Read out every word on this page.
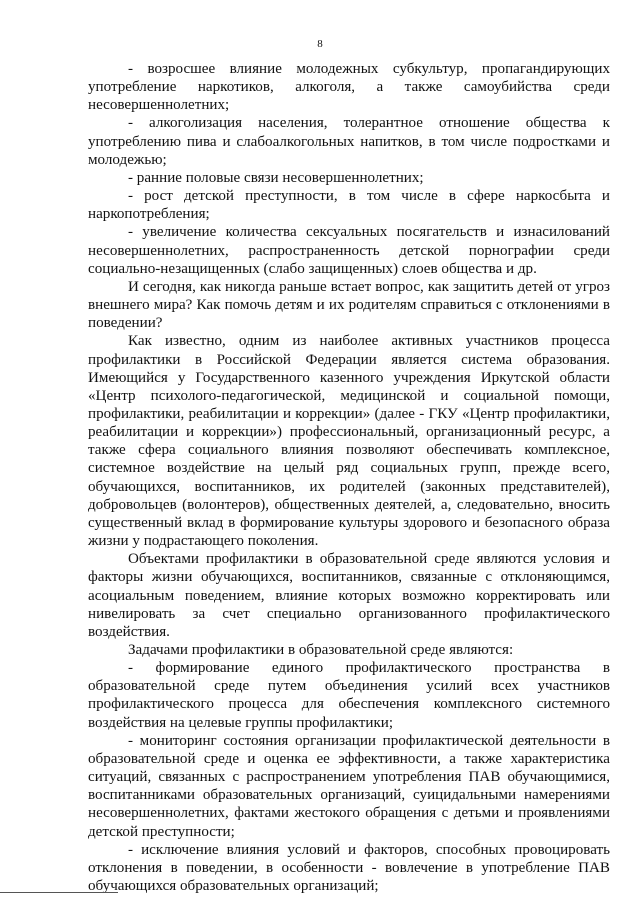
8

- возросшее влияние молодежных субкультур, пропагандирующих употребление наркотиков, алкоголя, а также самоубийства среди несовершеннолетних;

- алкоголизация населения, толерантное отношение общества к употреблению пива и слабоалкогольных напитков, в том числе подростками и молодежью;

- ранние половые связи несовершеннолетних;

- рост детской преступности, в том числе в сфере наркосбыта и наркопотребления;

- увеличение количества сексуальных посягательств и изнасилований несовершеннолетних, распространенность детской порнографии среди социально-незащищенных (слабо защищенных) слоев общества и др.

И сегодня, как никогда раньше встает вопрос, как защитить детей от угроз внешнего мира? Как помочь детям и их родителям справиться с отклонениями в поведении?

Как известно, одним из наиболее активных участников процесса профилактики в Российской Федерации является система образования. Имеющийся у Государственного казенного учреждения Иркутской области «Центр психолого-педагогической, медицинской и социальной помощи, профилактики, реабилитации и коррекции» (далее - ГКУ «Центр профилактики, реабилитации и коррекции») профессиональный, организационный ресурс, а также сфера социального влияния позволяют обеспечивать комплексное, системное воздействие на целый ряд социальных групп, прежде всего, обучающихся, воспитанников, их родителей (законных представителей), добровольцев (волонтеров), общественных деятелей, а, следовательно, вносить существенный вклад в формирование культуры здорового и безопасного образа жизни у подрастающего поколения.

Объектами профилактики в образовательной среде являются условия и факторы жизни обучающихся, воспитанников, связанные с отклоняющимся, асоциальным поведением, влияние которых возможно корректировать или нивелировать за счет специально организованного профилактического воздействия.

Задачами профилактики в образовательной среде являются:

- формирование единого профилактического пространства в образовательной среде путем объединения усилий всех участников профилактического процесса для обеспечения комплексного системного воздействия на целевые группы профилактики;

- мониторинг состояния организации профилактической деятельности в образовательной среде и оценка ее эффективности, а также характеристика ситуаций, связанных с распространением употребления ПАВ обучающимися, воспитанниками образовательных организаций, суицидальными намерениями несовершеннолетних, фактами жестокого обращения с детьми и проявлениями детской преступности;

- исключение влияния условий и факторов, способных провоцировать отклонения в поведении, в особенности - вовлечение в употребление ПАВ обучающихся образовательных организаций;
